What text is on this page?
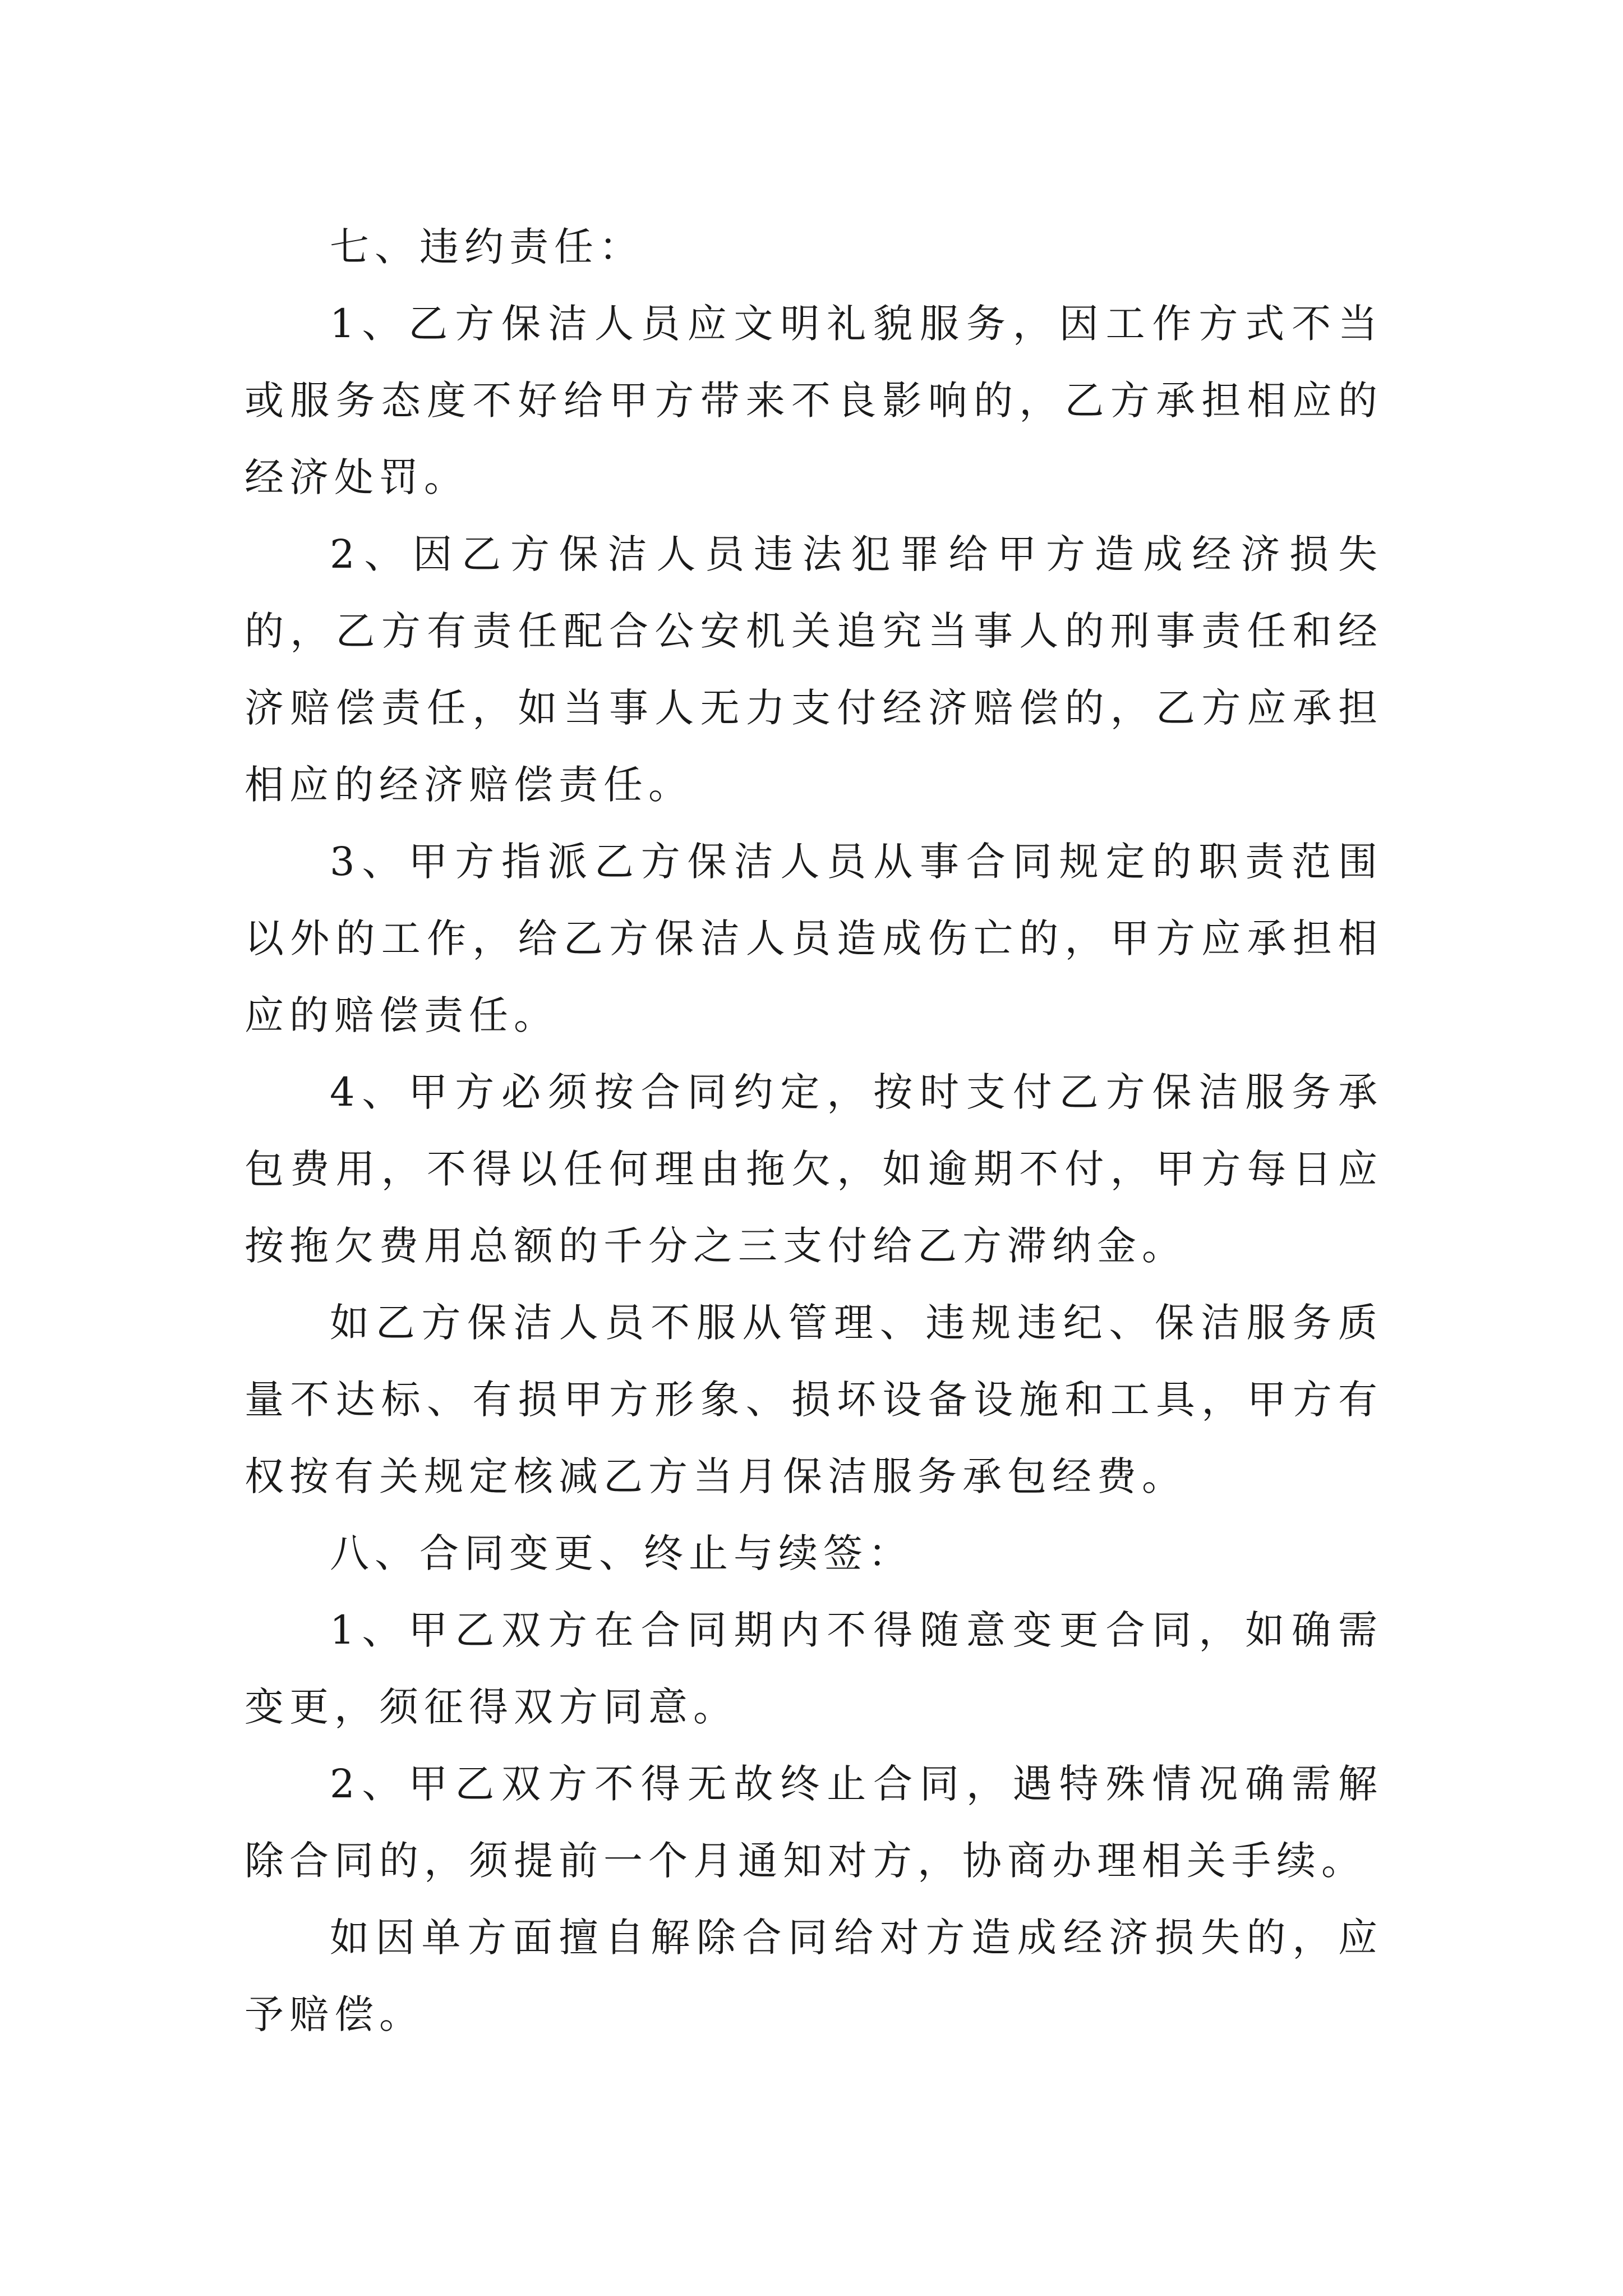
七、违约责任：

1、乙方保洁人员应文明礼貌服务，因工作方式不当或服务态度不好给甲方带来不良影响的，乙方承担相应的经济处罚。

2、因乙方保洁人员违法犯罪给甲方造成经济损失的，乙方有责任配合公安机关追究当事人的刑事责任和经济赔偿责任，如当事人无力支付经济赔偿的，乙方应承担相应的经济赔偿责任。

3、甲方指派乙方保洁人员从事合同规定的职责范围以外的工作，给乙方保洁人员造成伤亡的，甲方应承担相应的赔偿责任。

4、甲方必须按合同约定，按时支付乙方保洁服务承包费用，不得以任何理由拖欠，如逾期不付，甲方每日应按拖欠费用总额的千分之三支付给乙方滞纳金。

如乙方保洁人员不服从管理、违规违纪、保洁服务质量不达标、有损甲方形象、损坏设备设施和工具，甲方有权按有关规定核减乙方当月保洁服务承包经费。

八、合同变更、终止与续签：

1、甲乙双方在合同期内不得随意变更合同，如确需变更，须征得双方同意。

2、甲乙双方不得无故终止合同，遇特殊情况确需解除合同的，须提前一个月通知对方，协商办理相关手续。

如因单方面擅自解除合同给对方造成经济损失的，应予赔偿。
